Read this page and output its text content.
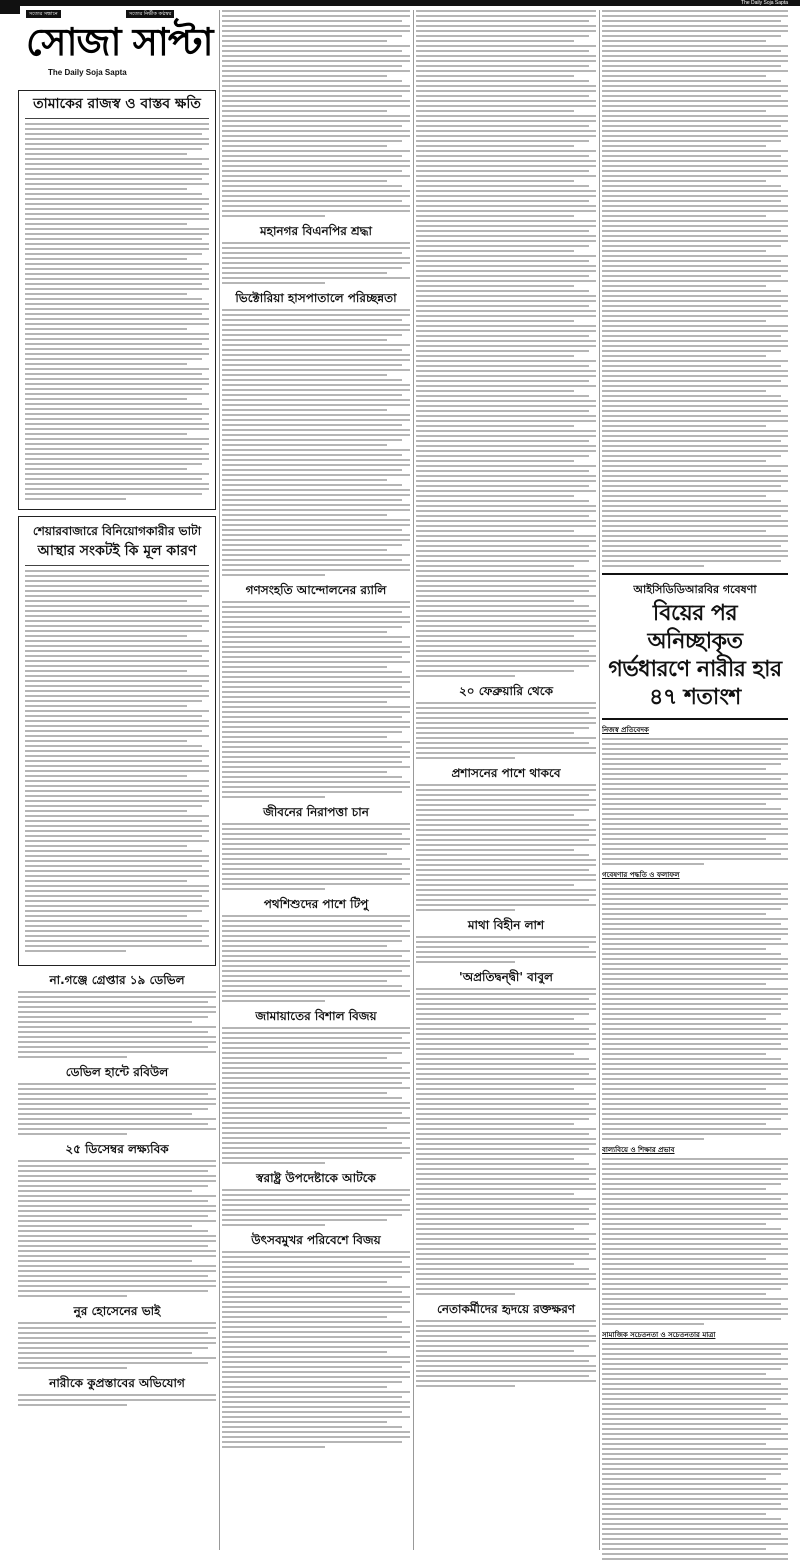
The Daily Soja Sapta
সত্যের সন্ধানে	সত্যের নির্ভীক কণ্ঠস্বর
সোজা সাপ্টা
The Daily Soja Sapta
তামাকের রাজস্ব ও বাস্তব ক্ষতি
শেয়ারবাজারে বিনিয়োগকারীর ভাটা
আস্থার সংকটই কি মূল কারণ
না.গঞ্জে গ্রেপ্তার ১৯ ডেভিল
ডেভিল হান্টে রবিউল
২৫ ডিসেম্বর লক্ষ্যবিক
নুর হোসেনের ভাই
নারীকে কুপ্রস্তাবের অভিযোগ
মহানগর বিএনপির শ্রদ্ধা
ভিক্টোরিয়া হাসপাতালে পরিচ্ছন্নতা
গণসংহতি আন্দোলনের র‍্যালি
জীবনের নিরাপত্তা চান
পথশিশুদের পাশে টিপু
জামায়াতের বিশাল বিজয়
স্বরাষ্ট্র উপদেষ্টাকে আটকে
উৎসবমুখর পরিবেশে বিজয়
২০ ফেব্রুয়ারি থেকে
প্রশাসনের পাশে থাকবে
মাথা বিহীন লাশ
'অপ্রতিদ্বন্দ্বী' বাবুল
নেতাকর্মীদের হৃদয়ে রক্তক্ষরণ
আইসিডিডিআরবির গবেষণা
বিয়ের পর অনিচ্ছাকৃত
গর্ভধারণে নারীর হার
৪৭ শতাংশ
নিজস্ব প্রতিবেদক
গবেষণার পদ্ধতি ও ফলাফল
বাল্যবিয়ে ও শিক্ষার প্রভাব
সামাজিক সচেতনতা ও সচেতনতার মাত্রা
